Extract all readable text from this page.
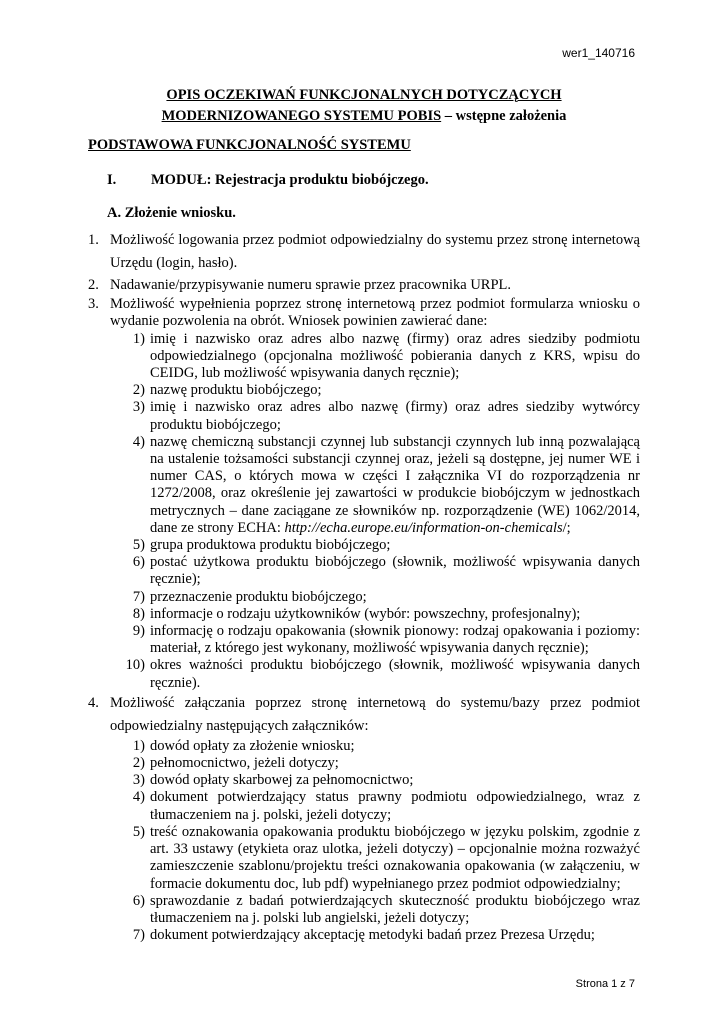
wer1_140716
OPIS OCZEKIWAŃ FUNKCJONALNYCH DOTYCZĄCYCH
MODERNIZOWANEGO SYSTEMU POBIS – wstępne założenia
PODSTAWOWA FUNKCJONALNOŚĆ SYSTEMU
I. MODUŁ: Rejestracja produktu biobójczego.
A. Złożenie wniosku.
1. Możliwość logowania przez podmiot odpowiedzialny do systemu przez stronę internetową Urzędu (login, hasło).
2. Nadawanie/przypisywanie numeru sprawie przez pracownika URPL.
3. Możliwość wypełnienia poprzez stronę internetową przez podmiot formularza wniosku o wydanie pozwolenia na obrót. Wniosek powinien zawierać dane:
1) imię i nazwisko oraz adres albo nazwę (firmy) oraz adres siedziby podmiotu odpowiedzialnego (opcjonalna możliwość pobierania danych z KRS, wpisu do CEIDG, lub możliwość wpisywania danych ręcznie);
2) nazwę produktu biobójczego;
3) imię i nazwisko oraz adres albo nazwę (firmy) oraz adres siedziby wytwórcy produktu biobójczego;
4) nazwę chemiczną substancji czynnej lub substancji czynnych lub inną pozwalającą na ustalenie tożsamości substancji czynnej oraz, jeżeli są dostępne, jej numer WE i numer CAS, o których mowa w części I załącznika VI do rozporządzenia nr 1272/2008, oraz określenie jej zawartości w produkcie biobójczym w jednostkach metrycznych – dane zaciągane ze słowników np. rozporządzenie (WE) 1062/2014, dane ze strony ECHA: http://echa.europe.eu/information-on-chemicals/;
5) grupa produktowa produktu biobójczego;
6) postać użytkowa produktu biobójczego (słownik, możliwość wpisywania danych ręcznie);
7) przeznaczenie produktu biobójczego;
8) informacje o rodzaju użytkowników (wybór: powszechny, profesjonalny);
9) informację o rodzaju opakowania (słownik pionowy: rodzaj opakowania i poziomy: materiał, z którego jest wykonany, możliwość wpisywania danych ręcznie);
10) okres ważności produktu biobójczego (słownik, możliwość wpisywania danych ręcznie).
4. Możliwość załączania poprzez stronę internetową do systemu/bazy przez podmiot odpowiedzialny następujących załączników:
1) dowód opłaty za złożenie wniosku;
2) pełnomocnictwo, jeżeli dotyczy;
3) dowód opłaty skarbowej za pełnomocnictwo;
4) dokument potwierdzający status prawny podmiotu odpowiedzialnego, wraz z tłumaczeniem na j. polski, jeżeli dotyczy;
5) treść oznakowania opakowania produktu biobójczego w języku polskim, zgodnie z art. 33 ustawy (etykieta oraz ulotka, jeżeli dotyczy) – opcjonalnie można rozważyć zamieszczenie szablonu/projektu treści oznakowania opakowania (w załączeniu, w formacie dokumentu doc, lub pdf) wypełnianego przez podmiot odpowiedzialny;
6) sprawozdanie z badań potwierdzających skuteczność produktu biobójczego wraz tłumaczeniem na j. polski lub angielski, jeżeli dotyczy;
7) dokument potwierdzający akceptację metodyki badań przez Prezesa Urzędu;
Strona 1 z 7
